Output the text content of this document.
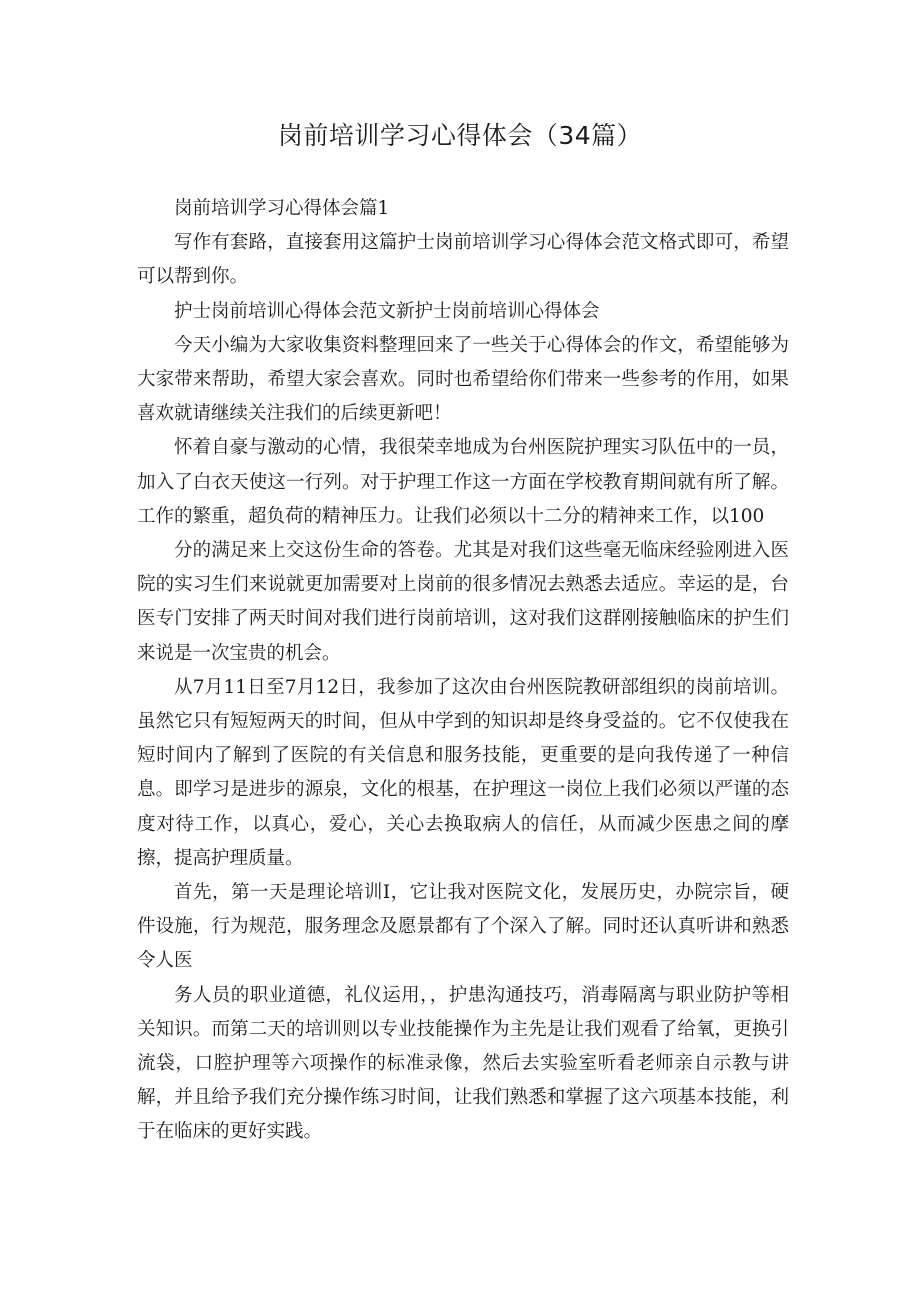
岗前培训学习心得体会（34篇）

岗前培训学习心得体会篇1

写作有套路，直接套用这篇护士岗前培训学习心得体会范文格式即可，希望可以帮到你。

护士岗前培训心得体会范文新护士岗前培训心得体会

今天小编为大家收集资料整理回来了一些关于心得体会的作文，希望能够为大家带来帮助，希望大家会喜欢。同时也希望给你们带来一些参考的作用，如果喜欢就请继续关注我们的后续更新吧！

怀着自豪与激动的心情，我很荣幸地成为台州医院护理实习队伍中的一员，加入了白衣天使这一行列。对于护理工作这一方面在学校教育期间就有所了解。工作的繁重，超负荷的精神压力。让我们必须以十二分的精神来工作，以100

分的满足来上交这份生命的答卷。尤其是对我们这些毫无临床经验刚进入医院的实习生们来说就更加需要对上岗前的很多情况去熟悉去适应。幸运的是，台医专门安排了两天时间对我们进行岗前培训，这对我们这群刚接触临床的护生们来说是一次宝贵的机会。

从7月11日至7月12日，我参加了这次由台州医院教研部组织的岗前培训。虽然它只有短短两天的时间，但从中学到的知识却是终身受益的。它不仅使我在短时间内了解到了医院的有关信息和服务技能，更重要的是向我传递了一种信息。即学习是进步的源泉，文化的根基，在护理这一岗位上我们必须以严谨的态度对待工作，以真心，爱心，关心去换取病人的信任，从而减少医患之间的摩擦，提高护理质量。

首先，第一天是理论培训I，它让我对医院文化，发展历史，办院宗旨，硬件设施，行为规范，服务理念及愿景都有了个深入了解。同时还认真听讲和熟悉令人医

务人员的职业道德，礼仪运用，，护患沟通技巧，消毒隔离与职业防护等相关知识。而第二天的培训则以专业技能操作为主先是让我们观看了给氧，更换引流袋，口腔护理等六项操作的标准录像，然后去实验室听看老师亲自示教与讲解，并且给予我们充分操作练习时间，让我们熟悉和掌握了这六项基本技能，利于在临床的更好实践。
